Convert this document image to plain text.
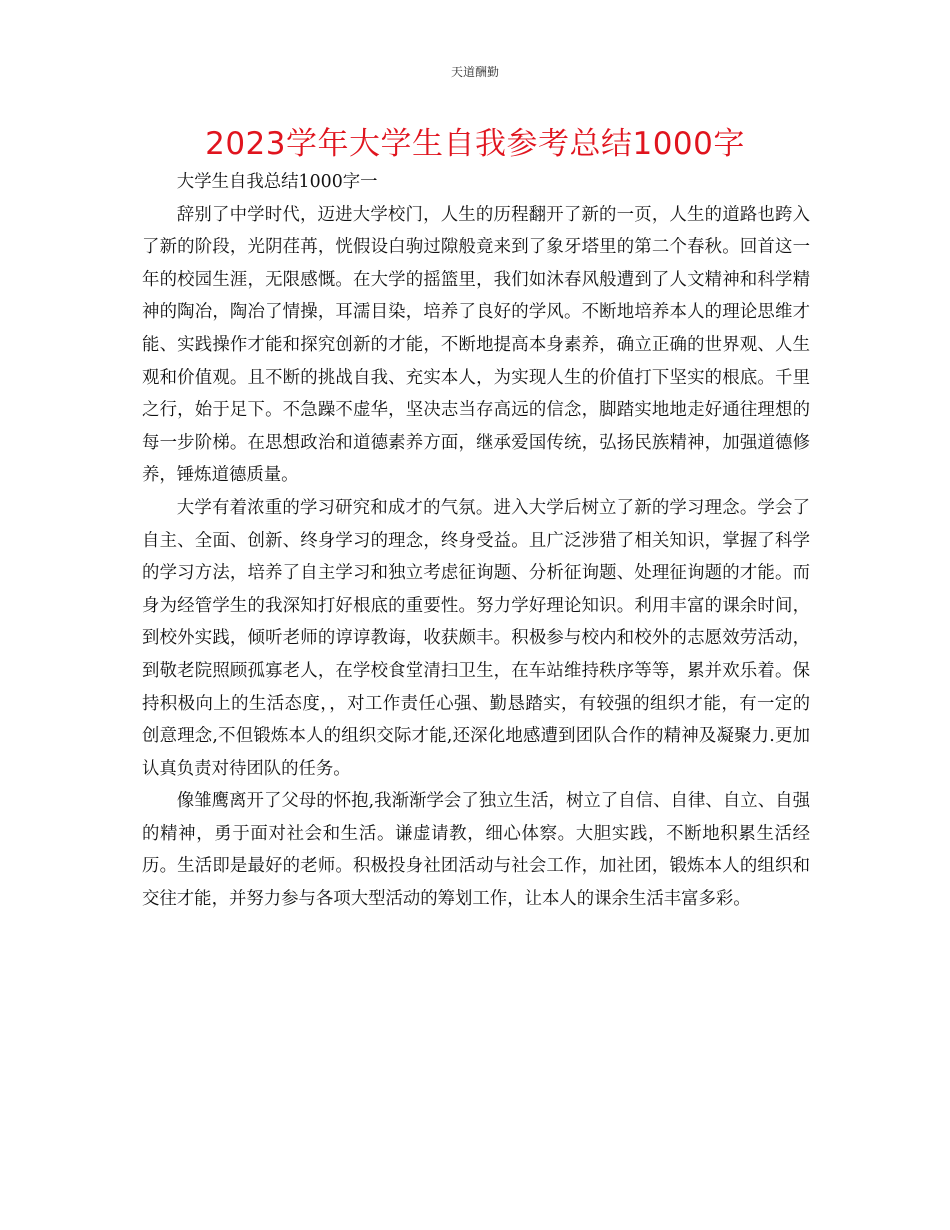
天道酬勤
2023学年大学生自我参考总结1000字

大学生自我总结1000字一

辞别了中学时代，迈进大学校门，人生的历程翻开了新的一页，人生的道路也跨入了新的阶段，光阴荏苒，恍假设白驹过隙般竟来到了象牙塔里的第二个春秋。回首这一年的校园生涯，无限感慨。在大学的摇篮里，我们如沐春风般遭到了人文精神和科学精神的陶冶，陶冶了情操，耳濡目染，培养了良好的学风。不断地培养本人的理论思维才能、实践操作才能和探究创新的才能，不断地提高本身素养，确立正确的世界观、人生观和价值观。且不断的挑战自我、充实本人，为实现人生的价值打下坚实的根底。千里之行，始于足下。不急躁不虚华，坚决志当存高远的信念，脚踏实地地走好通往理想的每一步阶梯。在思想政治和道德素养方面，继承爱国传统，弘扬民族精神，加强道德修养，锤炼道德质量。

大学有着浓重的学习研究和成才的气氛。进入大学后树立了新的学习理念。学会了自主、全面、创新、终身学习的理念，终身受益。且广泛涉猎了相关知识，掌握了科学的学习方法，培养了自主学习和独立考虑征询题、分析征询题、处理征询题的才能。而身为经管学生的我深知打好根底的重要性。努力学好理论知识。利用丰富的课余时间，到校外实践，倾听老师的谆谆教诲，收获颇丰。积极参与校内和校外的志愿效劳活动，到敬老院照顾孤寡老人，在学校食堂清扫卫生，在车站维持秩序等等，累并欢乐着。保持积极向上的生活态度，，对工作责任心强、勤恳踏实，有较强的组织才能，有一定的创意理念,不但锻炼本人的组织交际才能,还深化地感遭到团队合作的精神及凝聚力.更加认真负责对待团队的任务。

像雏鹰离开了父母的怀抱,我渐渐学会了独立生活，树立了自信、自律、自立、自强的精神，勇于面对社会和生活。谦虚请教，细心体察。大胆实践，不断地积累生活经历。生活即是最好的老师。积极投身社团活动与社会工作，加社团，锻炼本人的组织和交往才能，并努力参与各项大型活动的筹划工作，让本人的课余生活丰富多彩。
